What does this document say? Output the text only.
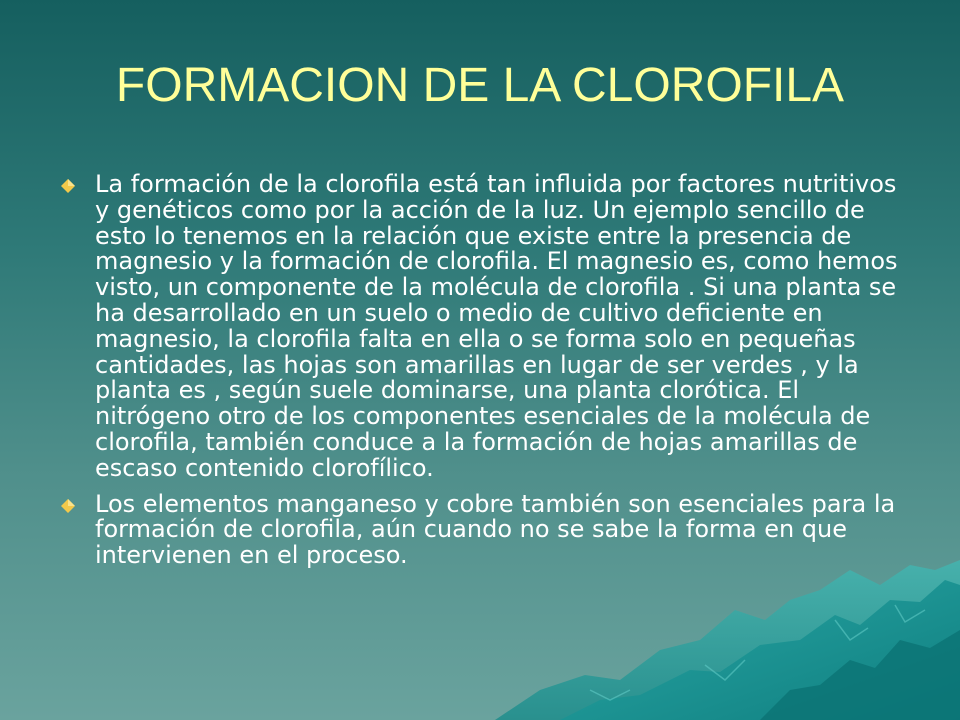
FORMACION DE LA CLOROFILA
La formación de la clorofila está tan influida por factores nutritivos y genéticos como por la acción de la luz. Un ejemplo sencillo de esto lo tenemos en la relación que existe entre la presencia de magnesio y la formación de clorofila. El magnesio es, como hemos visto, un componente de la molécula de clorofila . Si una planta se ha desarrollado en un suelo o medio de cultivo deficiente en magnesio, la clorofila falta en ella o se forma solo en pequeñas cantidades, las hojas son amarillas en lugar de ser verdes , y la planta es , según suele dominarse, una planta clorótica. El nitrógeno otro de los componentes esenciales de la molécula de clorofila, también conduce a la formación de hojas amarillas de escaso contenido clorofílico.
Los elementos manganeso y cobre también son esenciales para la formación de clorofila, aún cuando no se sabe la forma en que intervienen en el proceso.
